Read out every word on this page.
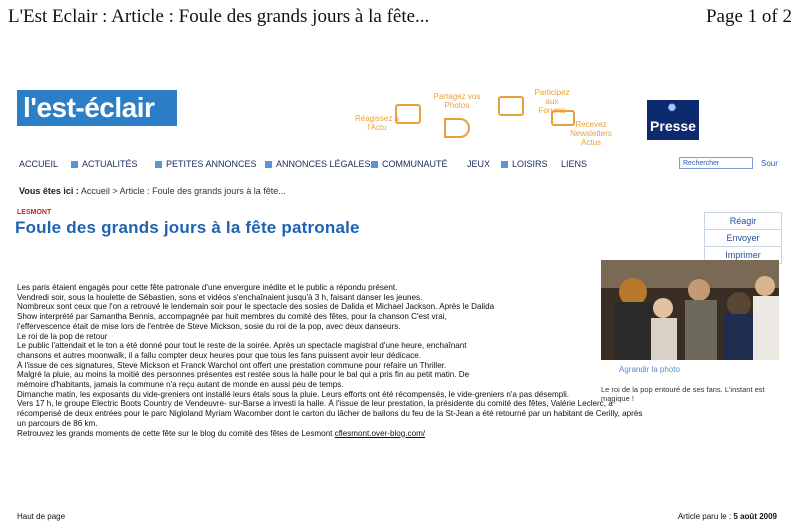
L'Est Eclair : Article : Foule des grands jours à la fête...	Page 1 of 2
l'est-éclair	Réagissez à l'Actu
Partagez vos Photos
Participez aux Forums
Recevez Newsletters Actus
✺
Presse
ACCUEIL	ACTUALITÉS	PETITES ANNONCES	ANNONCES LÉGALES	COMMUNAUTÉ JEUX	LOISIRS LIENS	Rechercher	Sour
Vous êtes ici : Accueil > Article : Foule des grands jours à la fête...
LESMONT
Foule des grands jours à la fête patronale	Réagir
Envoyer
Imprimer
Agrandir la photo
Le roi de la pop entouré de ses fans. L'instant est magique !

Les paris étaient engagés pour cette fête patronale d'une envergure inédite et le public a répondu présent.

Vendredi soir, sous la houlette de Sébastien, sons et vidéos s'enchaînaient jusqu'à 3 h, faisant danser les jeunes.

Nombreux sont ceux que l'on a retrouvé le lendemain soir pour le spectacle des sosies de Dalida et Michael Jackson. Après le Dalida

Show interprété par Samantha Bennis, accompagnée par huit membres du comité des fêtes, pour la chanson C'est vrai,

l'effervescence était de mise lors de l'entrée de Steve Mickson, sosie du roi de la pop, avec deux danseurs.

Le roi de la pop de retour

Le public l'attendait et le ton a été donné pour tout le reste de la soirée. Après un spectacle magistral d'une heure, enchaînant

chansons et autres moonwalk, il a fallu compter deux heures pour que tous les fans puissent avoir leur dédicace.

À l'issue de ces signatures, Steve Mickson et Franck Warchol ont offert une prestation commune pour refaire un Thriller.

Malgré la pluie, au moins la moitié des personnes présentes est restée sous la halle pour le bal qui a pris fin au petit matin. De

mémoire d'habitants, jamais la commune n'a reçu autant de monde en aussi peu de temps.

Dimanche matin, les exposants du vide-greniers ont installé leurs étals sous la pluie. Leurs efforts ont été récompensés, le vide-greniers n'a pas désempli.

Vers 17 h, le groupe Electric Boots Country de Vendeuvre- sur-Barse a investi la halle. À l'issue de leur prestation, la présidente du comité des fêtes, Valérie Leclerc, a

récompensé de deux entrées pour le parc Nigloland Myriam Wacomber dont le carton du lâcher de ballons du feu de la St-Jean a été retourné par un habitant de Cerilly, après

un parcours de 86 km.

Retrouvez les grands moments de cette fête sur le blog du comité des fêtes de Lesmont cflesmont.over-blog.com/

Haut de page	Article paru le : 5 août 2009
